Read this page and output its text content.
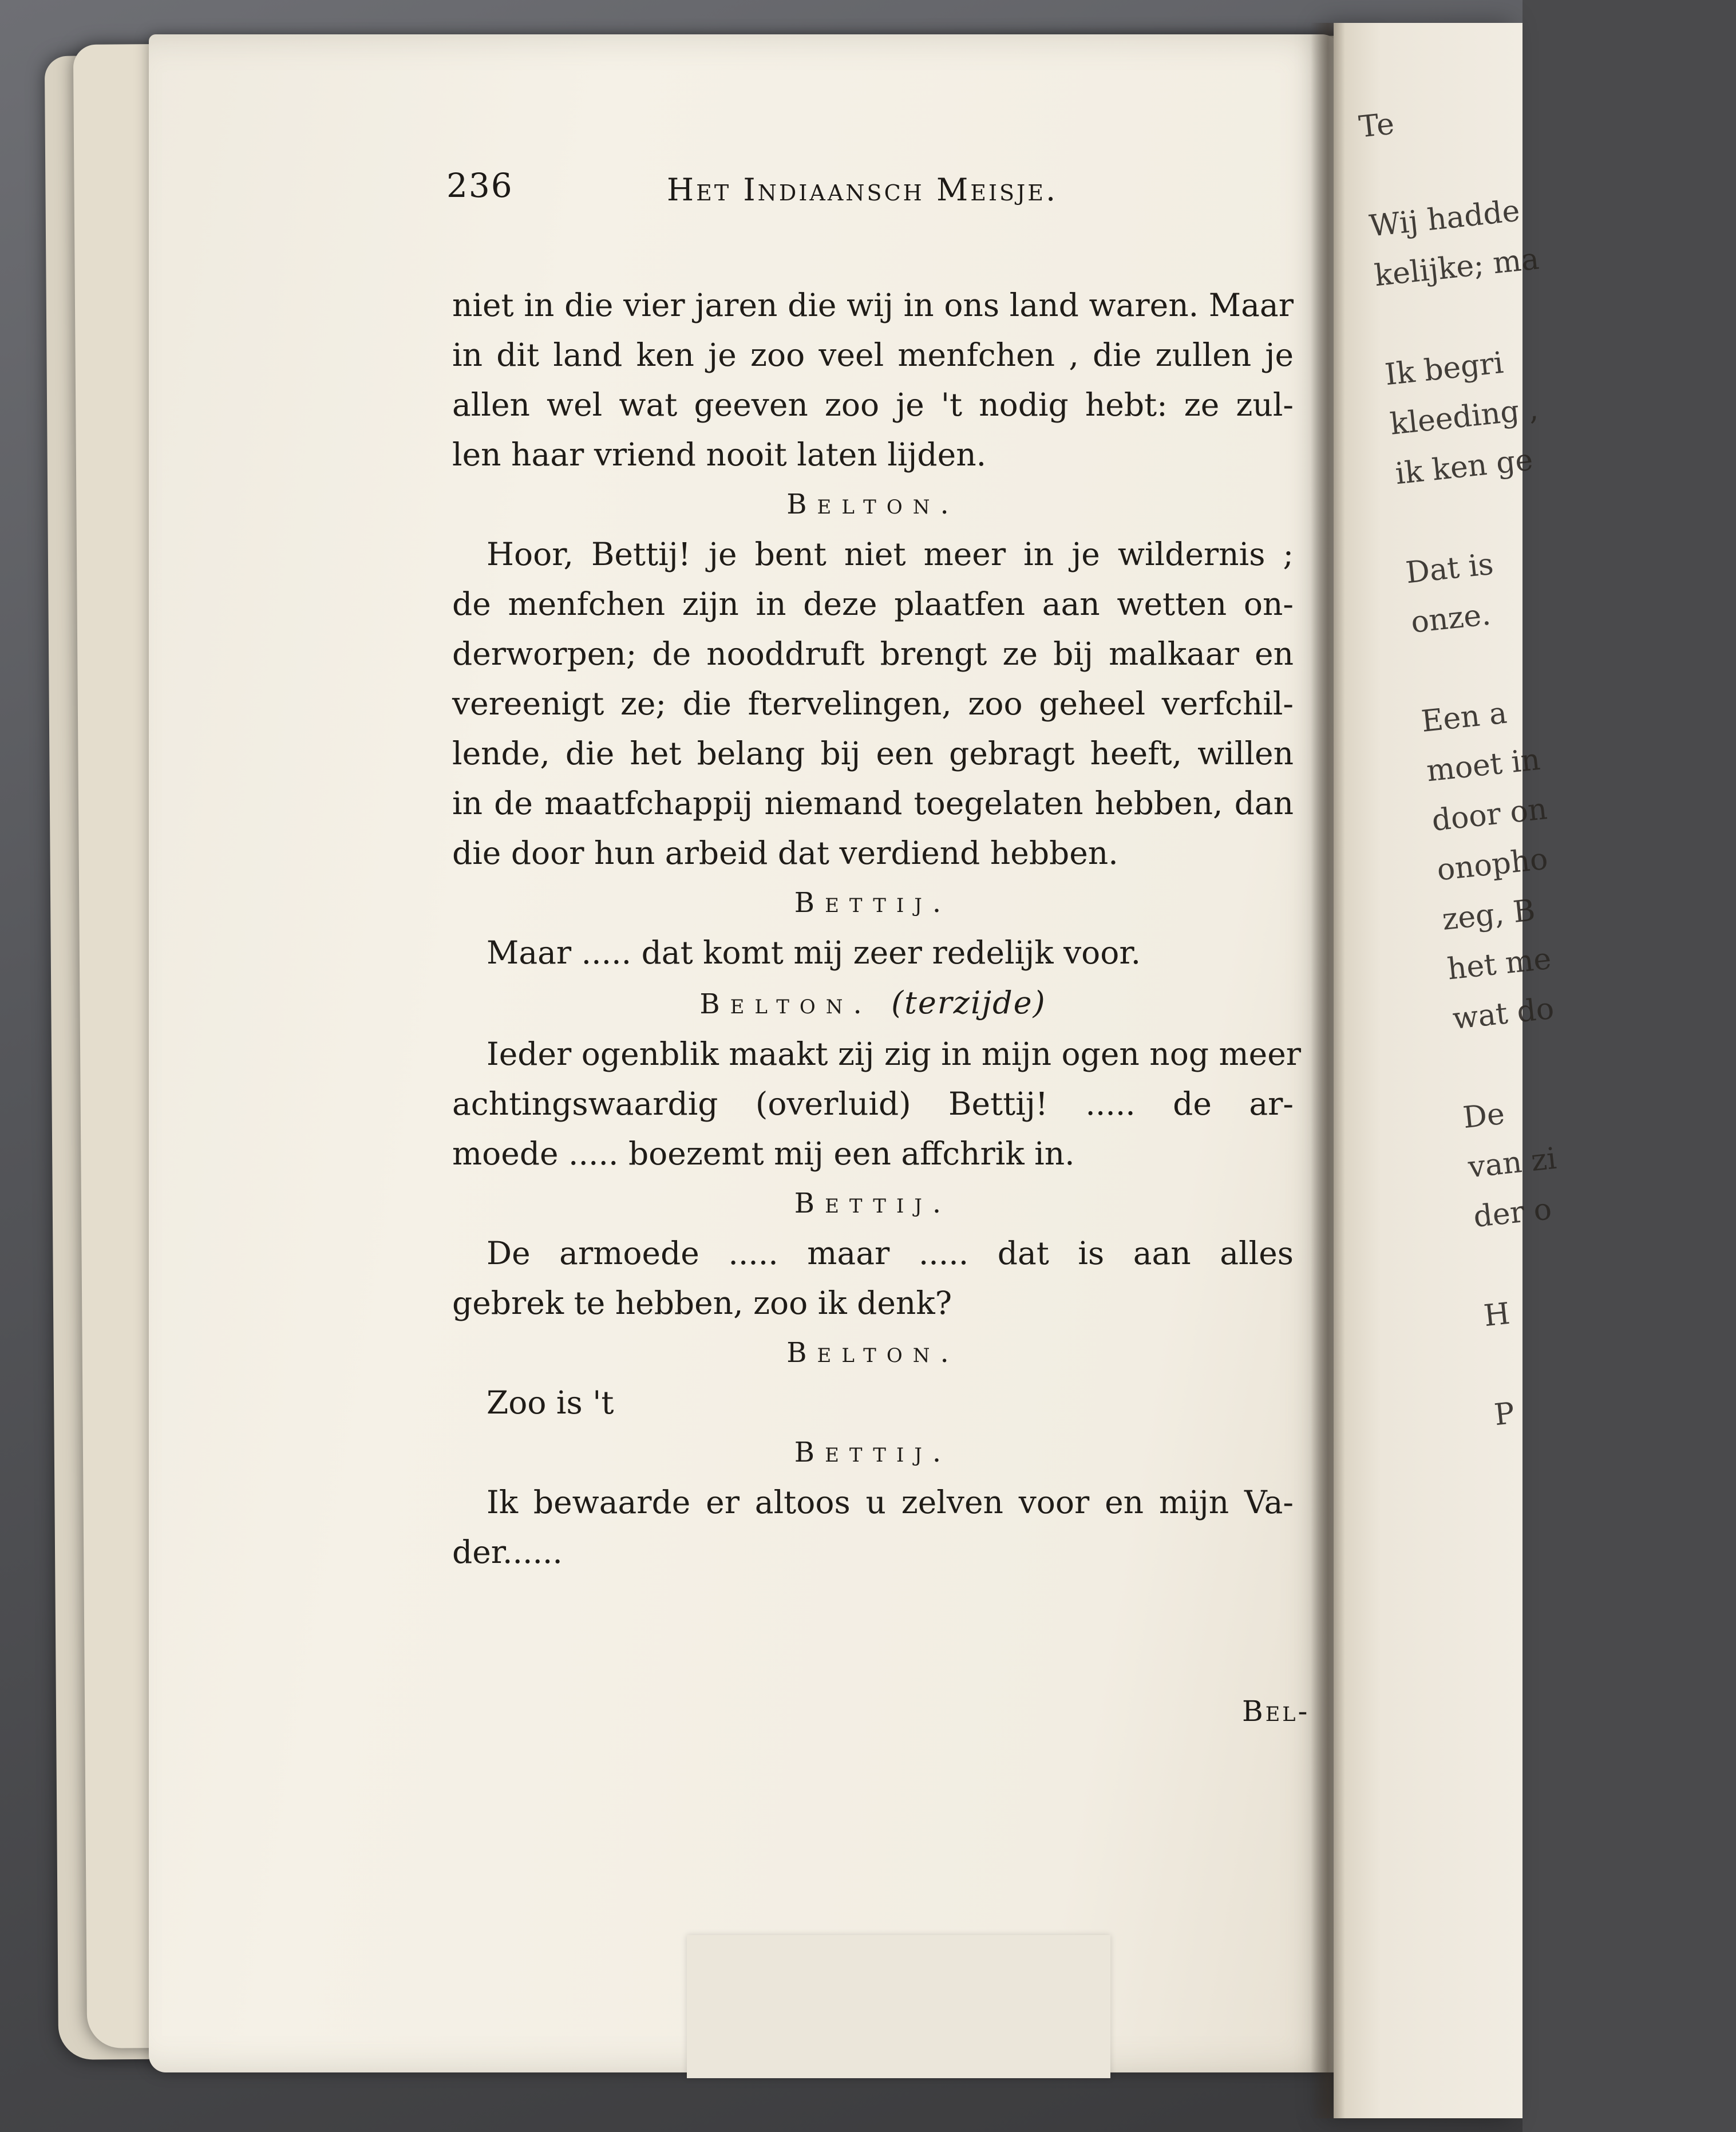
Te

Wij hadde
kelijke; ma

Ik begri
kleeding ,
ik ken ge

Dat is
onze.

Een a
moet in
door on
onopho
zeg, B
het me
wat do

De
van zi
der o

H

P
236	Het Indiaansch Meisje.
niet in die vier jaren die wij in ons land waren. Maar
in dit land ken je zoo veel menfchen , die zullen je
allen wel wat geeven zoo je 't nodig hebt: ze zul-
len haar vriend nooit laten lijden.
Belton.
Hoor, Bettij! je bent niet meer in je wildernis ;
de menfchen zijn in deze plaatfen aan wetten on-
derworpen; de nooddruft brengt ze bij malkaar en
vereenigt ze; die ftervelingen, zoo geheel verfchil-
lende, die het belang bij een gebragt heeft, willen
in de maatfchappij niemand toegelaten hebben, dan
die door hun arbeid dat verdiend hebben.
Bettij.
Maar ..... dat komt mij zeer redelijk voor.
Belton. (terzijde)
Ieder ogenblik maakt zij zig in mijn ogen nog meer
achtingswaardig (overluid) Bettij! ..... de ar-
moede ..... boezemt mij een affchrik in.
Bettij.
De armoede ..... maar ..... dat is aan alles
gebrek te hebben, zoo ik denk?
Belton.
Zoo is 't
Bettij.
Ik bewaarde er altoos u zelven voor en mijn Va-
der......
Bel-
